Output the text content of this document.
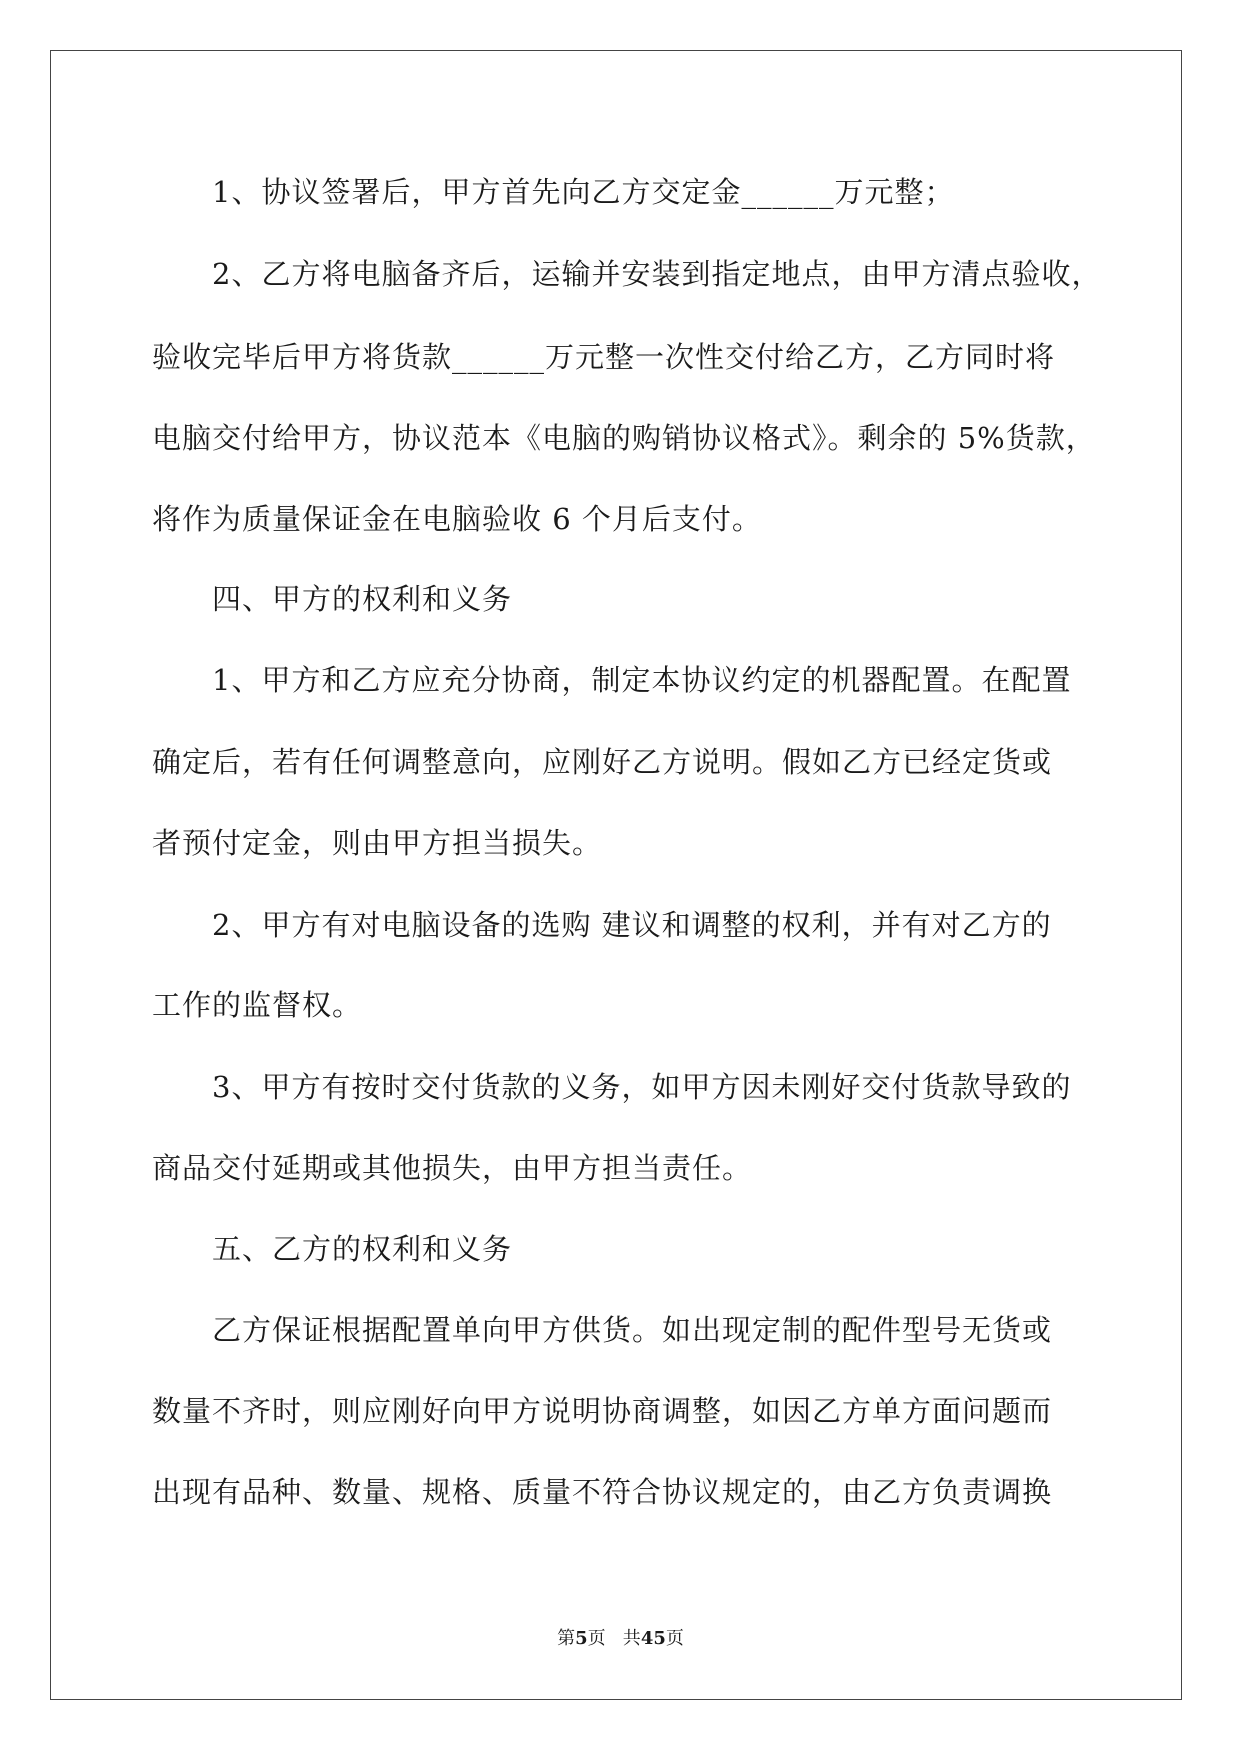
1、协议签署后，甲方首先向乙方交定金______万元整；
2、乙方将电脑备齐后，运输并安装到指定地点，由甲方清点验收，
验收完毕后甲方将货款______万元整一次性交付给乙方，乙方同时将
电脑交付给甲方，协议范本《电脑的购销协议格式》。剩余的 5%货款，
将作为质量保证金在电脑验收 6 个月后支付。
四、甲方的权利和义务
1、甲方和乙方应充分协商，制定本协议约定的机器配置。在配置
确定后，若有任何调整意向，应刚好乙方说明。假如乙方已经定货或
者预付定金，则由甲方担当损失。
2、甲方有对电脑设备的选购 建议和调整的权利，并有对乙方的
工作的监督权。
3、甲方有按时交付货款的义务，如甲方因未刚好交付货款导致的
商品交付延期或其他损失，由甲方担当责任。
五、乙方的权利和义务
乙方保证根据配置单向甲方供货。如出现定制的配件型号无货或
数量不齐时，则应刚好向甲方说明协商调整，如因乙方单方面问题而
出现有品种、数量、规格、质量不符合协议规定的，由乙方负责调换
第5页   共45页
